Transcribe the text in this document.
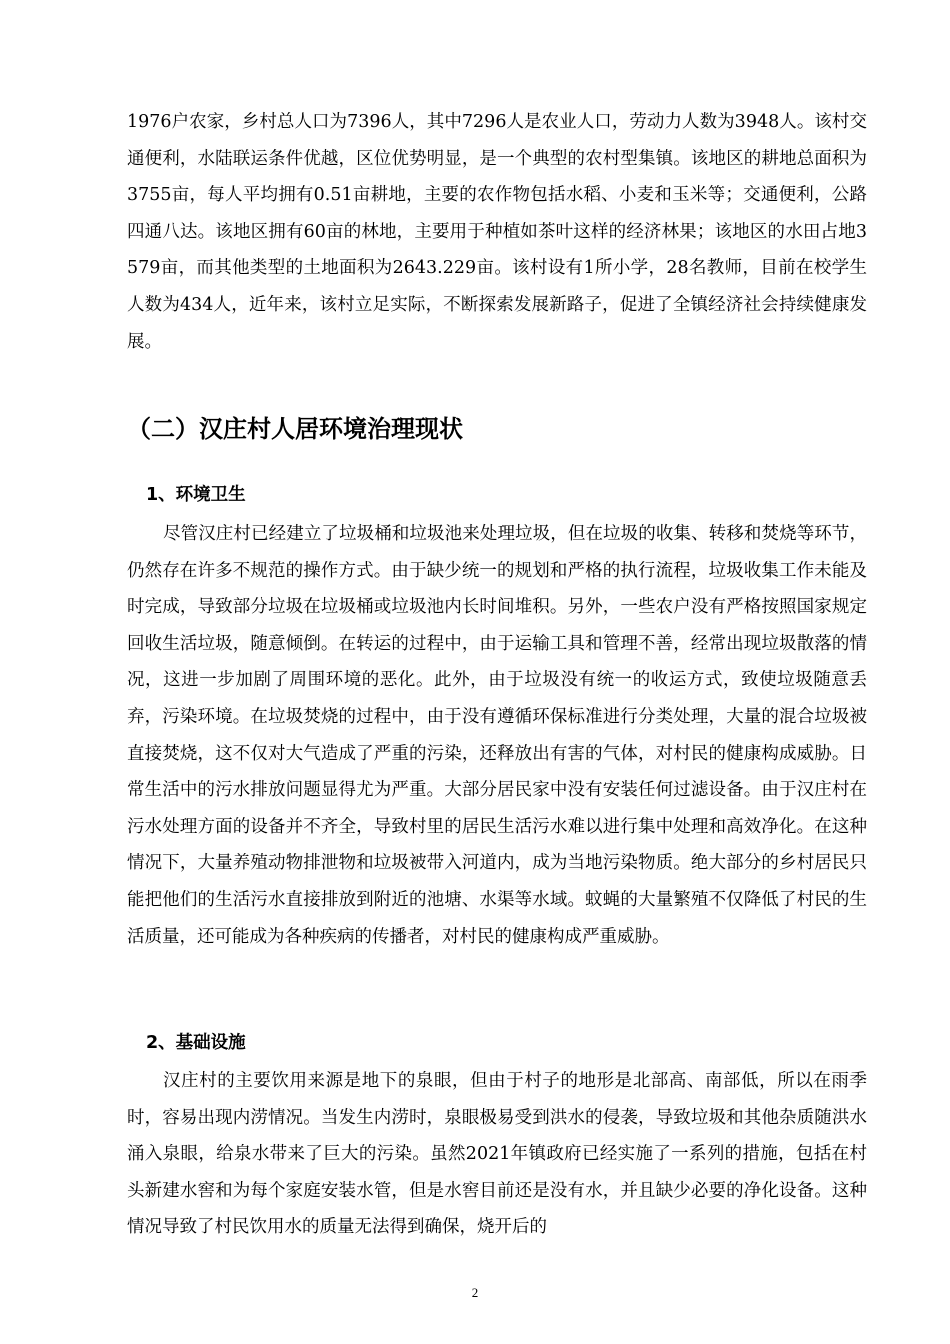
1976户农家，乡村总人口为7396人，其中7296人是农业人口，劳动力人数为3948人。该村交通便利，水陆联运条件优越，区位优势明显，是一个典型的农村型集镇。该地区的耕地总面积为3755亩，每人平均拥有0.51亩耕地，主要的农作物包括水稻、小麦和玉米等；交通便利，公路四通八达。该地区拥有60亩的林地，主要用于种植如茶叶这样的经济林果；该地区的水田占地3579亩，而其他类型的土地面积为2643.229亩。该村设有1所小学，28名教师，目前在校学生人数为434人，近年来，该村立足实际，不断探索发展新路子，促进了全镇经济社会持续健康发展。
（二）汉庄村人居环境治理现状
1、环境卫生
尽管汉庄村已经建立了垃圾桶和垃圾池来处理垃圾，但在垃圾的收集、转移和焚烧等环节，仍然存在许多不规范的操作方式。由于缺少统一的规划和严格的执行流程，垃圾收集工作未能及时完成，导致部分垃圾在垃圾桶或垃圾池内长时间堆积。另外，一些农户没有严格按照国家规定回收生活垃圾，随意倾倒。在转运的过程中，由于运输工具和管理不善，经常出现垃圾散落的情况，这进一步加剧了周围环境的恶化。此外，由于垃圾没有统一的收运方式，致使垃圾随意丢弃，污染环境。在垃圾焚烧的过程中，由于没有遵循环保标准进行分类处理，大量的混合垃圾被直接焚烧，这不仅对大气造成了严重的污染，还释放出有害的气体，对村民的健康构成威胁。日常生活中的污水排放问题显得尤为严重。大部分居民家中没有安装任何过滤设备。由于汉庄村在污水处理方面的设备并不齐全，导致村里的居民生活污水难以进行集中处理和高效净化。在这种情况下，大量养殖动物排泄物和垃圾被带入河道内，成为当地污染物质。绝大部分的乡村居民只能把他们的生活污水直接排放到附近的池塘、水渠等水域。蚊蝇的大量繁殖不仅降低了村民的生活质量，还可能成为各种疾病的传播者，对村民的健康构成严重威胁。
2、基础设施
汉庄村的主要饮用来源是地下的泉眼，但由于村子的地形是北部高、南部低，所以在雨季时，容易出现内涝情况。当发生内涝时，泉眼极易受到洪水的侵袭，导致垃圾和其他杂质随洪水涌入泉眼，给泉水带来了巨大的污染。虽然2021年镇政府已经实施了一系列的措施，包括在村头新建水窖和为每个家庭安装水管，但是水窖目前还是没有水，并且缺少必要的净化设备。这种情况导致了村民饮用水的质量无法得到确保，烧开后的
2
